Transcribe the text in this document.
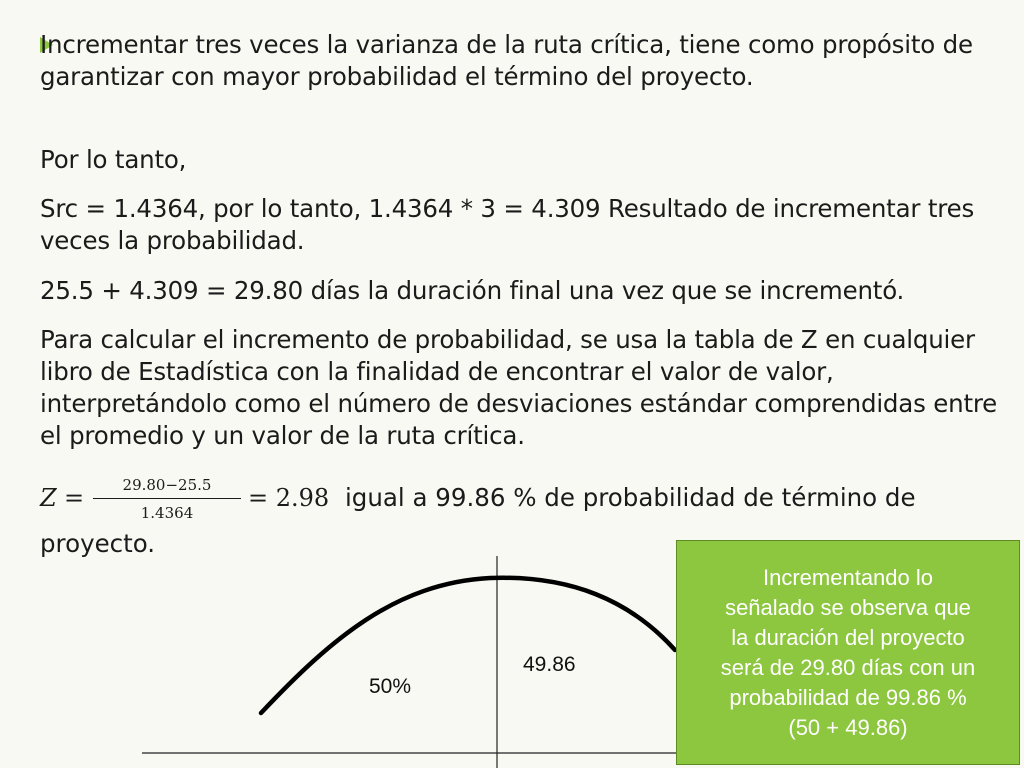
Incrementar tres veces la varianza de la ruta crítica, tiene como propósito de garantizar con mayor probabilidad el término del proyecto.

Por lo tanto,

Src = 1.4364, por lo tanto, 1.4364 * 3 = 4.309 Resultado de incrementar tres veces la probabilidad.

25.5 + 4.309 = 29.80 días la duración final una vez que se incrementó.

Para calcular el incremento de probabilidad, se usa la tabla de Z en cualquier libro de Estadística con la finalidad de encontrar el valor de valor, interpretándolo como el número de desviaciones estándar comprendidas entre el promedio y un valor de la ruta crítica.

Z =	29.80−25.5
1.4364
= 2.98 igual a 99.86 % de probabilidad de término de
proyecto.
50%
49.86
Incrementando lo
señalado se observa que
la duración del proyecto
será de 29.80 días con un
probabilidad de 99.86 %
(50 + 49.86)
